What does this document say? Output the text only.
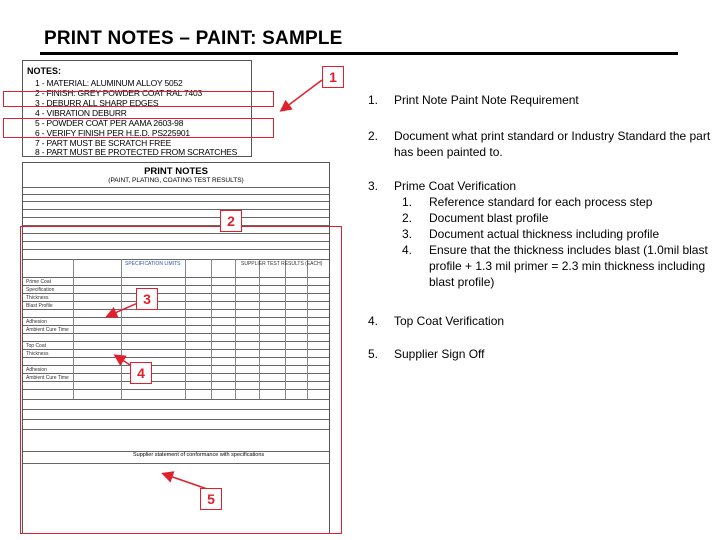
PRINT NOTES – PAINT: SAMPLE
NOTES:
1 - MATERIAL: ALUMINUM ALLOY 5052
2 - FINISH: GREY POWDER COAT RAL 7403
3 - DEBURR ALL SHARP EDGES
4 - VIBRATION DEBURR
5 - POWDER COAT PER AAMA 2603-98
6 - VERIFY FINISH PER H.E.D. PS225901
7 - PART MUST BE SCRATCH FREE
8 - PART MUST BE PROTECTED FROM SCRATCHES
PRINT NOTES
(PAINT, PLATING, COATING TEST RESULTS)
SPECIFICATION LIMITS	SUPPLIER TEST RESULTS (EACH)
Prime Coat
Specification
Thickness
Blast Profile
Adhesion
Ambient Cure Time
Top Coat
Thickness
Adhesion
Ambient Cure Time
Supplier statement of conformance with specifications
1
2
3
4
5
1. Print Note Paint Note Requirement
2. Document what print standard or Industry Standard the part has been painted to.
3. Prime Coat Verification
1. Reference standard for each process step
2. Document blast profile
3. Document actual thickness including profile
4. Ensure that the thickness includes blast (1.0mil blast profile + 1.3 mil primer = 2.3 min thickness including blast profile)
4. Top Coat Verification
5. Supplier Sign Off
